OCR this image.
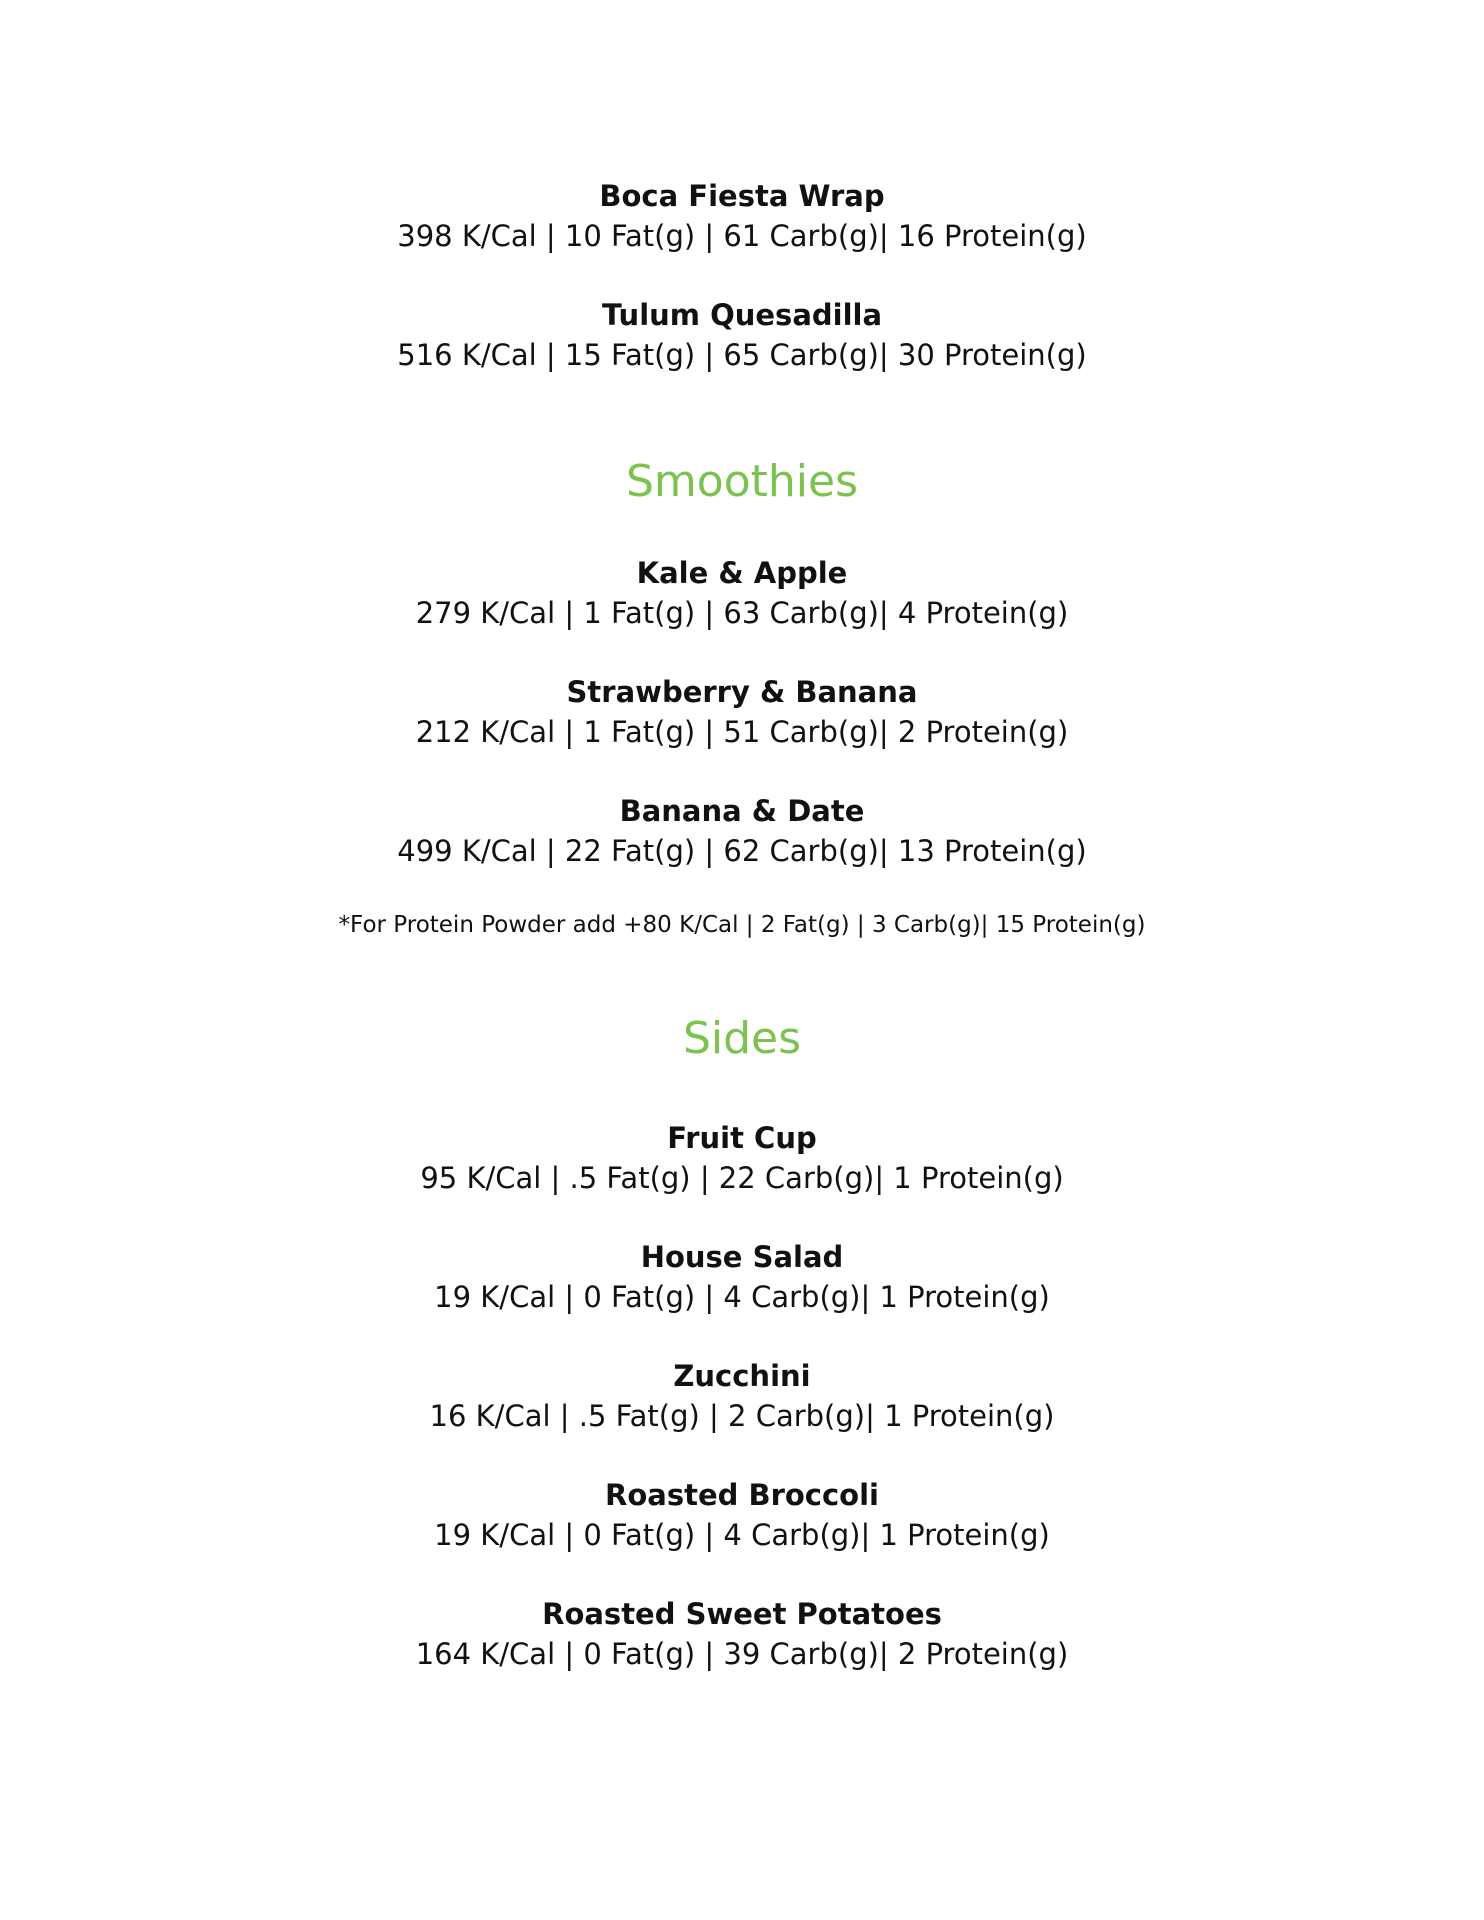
Boca Fiesta Wrap
398 K/Cal | 10 Fat(g) | 61 Carb(g)| 16 Protein(g)
Tulum Quesadilla
516 K/Cal | 15 Fat(g) | 65 Carb(g)| 30 Protein(g)
Smoothies
Kale & Apple
279 K/Cal | 1 Fat(g) | 63 Carb(g)| 4 Protein(g)
Strawberry & Banana
212 K/Cal | 1 Fat(g) | 51 Carb(g)| 2 Protein(g)
Banana & Date
499 K/Cal | 22 Fat(g) | 62 Carb(g)| 13 Protein(g)
*For Protein Powder add +80 K/Cal | 2 Fat(g) | 3 Carb(g)| 15 Protein(g)
Sides
Fruit Cup
95 K/Cal | .5 Fat(g) | 22 Carb(g)| 1 Protein(g)
House Salad
19 K/Cal | 0 Fat(g) | 4 Carb(g)| 1 Protein(g)
Zucchini
16 K/Cal | .5 Fat(g) | 2 Carb(g)| 1 Protein(g)
Roasted Broccoli
19 K/Cal | 0 Fat(g) | 4 Carb(g)| 1 Protein(g)
Roasted Sweet Potatoes
164 K/Cal | 0 Fat(g) | 39 Carb(g)| 2 Protein(g)
